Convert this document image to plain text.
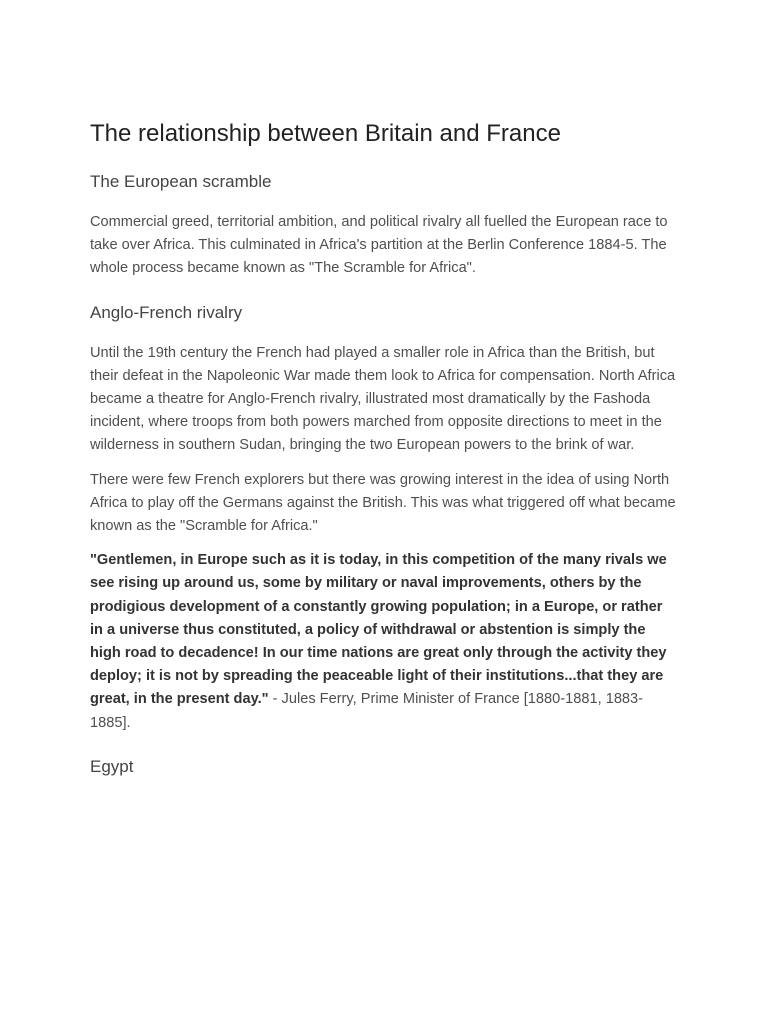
The relationship between Britain and France
The European scramble

Commercial greed, territorial ambition, and political rivalry all fuelled the European race to take over Africa. This culminated in Africa's partition at the Berlin Conference 1884-5. The whole process became known as "The Scramble for Africa".

Anglo-French rivalry

Until the 19th century the French had played a smaller role in Africa than the British, but their defeat in the Napoleonic War made them look to Africa for compensation. North Africa became a theatre for Anglo-French rivalry, illustrated most dramatically by the Fashoda incident, where troops from both powers marched from opposite directions to meet in the wilderness in southern Sudan, bringing the two European powers to the brink of war.

There were few French explorers but there was growing interest in the idea of using North Africa to play off the Germans against the British. This was what triggered off what became known as the "Scramble for Africa."

"Gentlemen, in Europe such as it is today, in this competition of the many rivals we see rising up around us, some by military or naval improvements, others by the prodigious development of a constantly growing population; in a Europe, or rather in a universe thus constituted, a policy of withdrawal or abstention is simply the high road to decadence! In our time nations are great only through the activity they deploy; it is not by spreading the peaceable light of their institutions...that they are great, in the present day." - Jules Ferry, Prime Minister of France [1880-1881, 1883-1885].

Egypt
